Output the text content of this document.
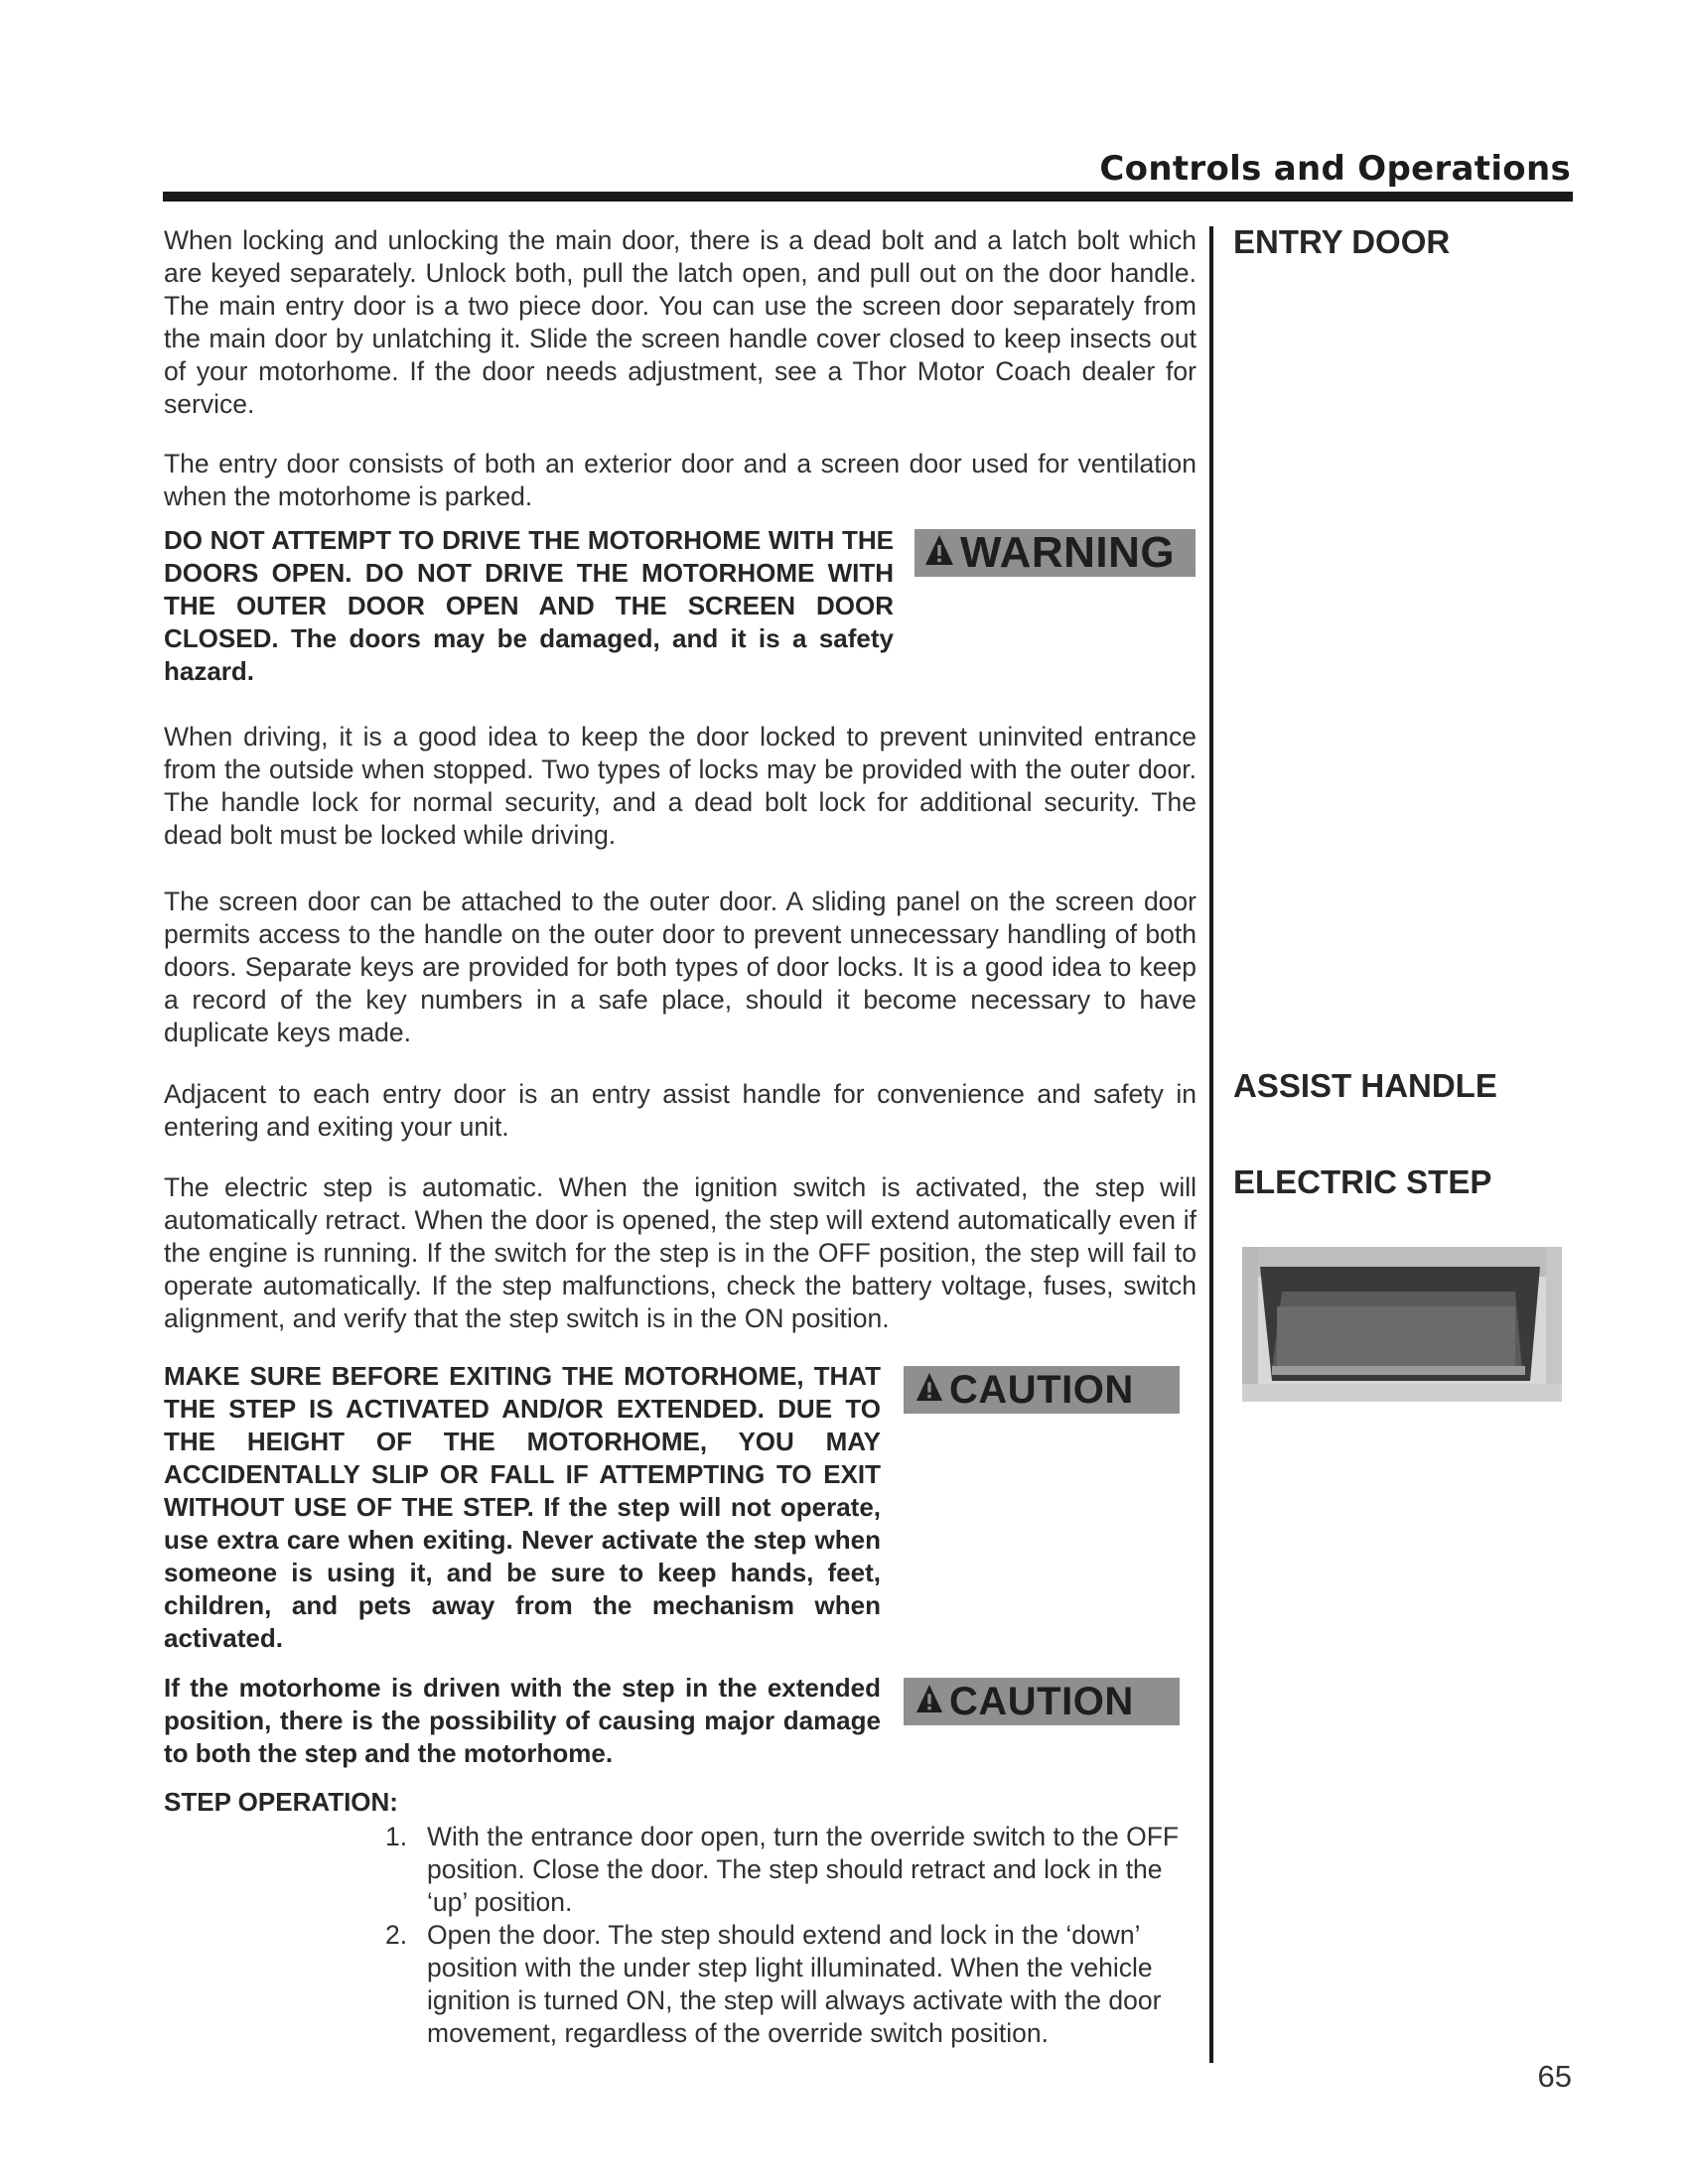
Controls and Operations
ENTRY DOOR
ASSIST HANDLE
ELECTRIC STEP
When locking and unlocking the main door, there is a dead bolt and a latch bolt which are keyed separately. Unlock both, pull the latch open, and pull out on the door handle. The main entry door is a two piece door. You can use the screen door separately from the main door by unlatching it. Slide the screen handle cover closed to keep insects out of your motorhome. If the door needs adjustment, see a Thor Motor Coach dealer for service.
The entry door consists of both an exterior door and a screen door used for ventilation when the motorhome is parked.
DO NOT ATTEMPT TO DRIVE THE MOTORHOME WITH THE DOORS OPEN. DO NOT DRIVE THE MOTORHOME WITH THE OUTER DOOR OPEN AND THE SCREEN DOOR CLOSED. The doors may be damaged, and it is a safety hazard.
WARNING
When driving, it is a good idea to keep the door locked to prevent uninvited entrance from the outside when stopped. Two types of locks may be provided with the outer door. The handle lock for normal security, and a dead bolt lock for additional security. The dead bolt must be locked while driving.
The screen door can be attached to the outer door. A sliding panel on the screen door permits access to the handle on the outer door to prevent unnecessary handling of both doors. Separate keys are provided for both types of door locks. It is a good idea to keep a record of the key numbers in a safe place, should it become necessary to have duplicate keys made.
Adjacent to each entry door is an entry assist handle for convenience and safety in entering and exiting your unit.
The electric step is automatic. When the ignition switch is activated, the step will automatically retract. When the door is opened, the step will extend automatically even if the engine is running. If the switch for the step is in the OFF position, the step will fail to operate automatically. If the step malfunctions, check the battery voltage, fuses, switch alignment, and verify that the step switch is in the ON position.
MAKE SURE BEFORE EXITING THE MOTORHOME, THAT THE STEP IS ACTIVATED AND/OR EXTENDED. DUE TO THE HEIGHT OF THE MOTORHOME, YOU MAY ACCIDENTALLY SLIP OR FALL IF ATTEMPTING TO EXIT WITHOUT USE OF THE STEP. If the step will not operate, use extra care when exiting. Never activate the step when someone is using it, and be sure to keep hands, feet, children, and pets away from the mechanism when activated.
CAUTION
If the motorhome is driven with the step in the extended position, there is the possibility of causing major damage to both the step and the motorhome.
CAUTION
STEP OPERATION:
1. With the entrance door open, turn the override switch to the OFF position. Close the door. The step should retract and lock in the ‘up’ position.
2. Open the door. The step should extend and lock in the ‘down’ position with the under step light illuminated. When the vehicle ignition is turned ON, the step will always activate with the door movement, regardless of the override switch position.
65
